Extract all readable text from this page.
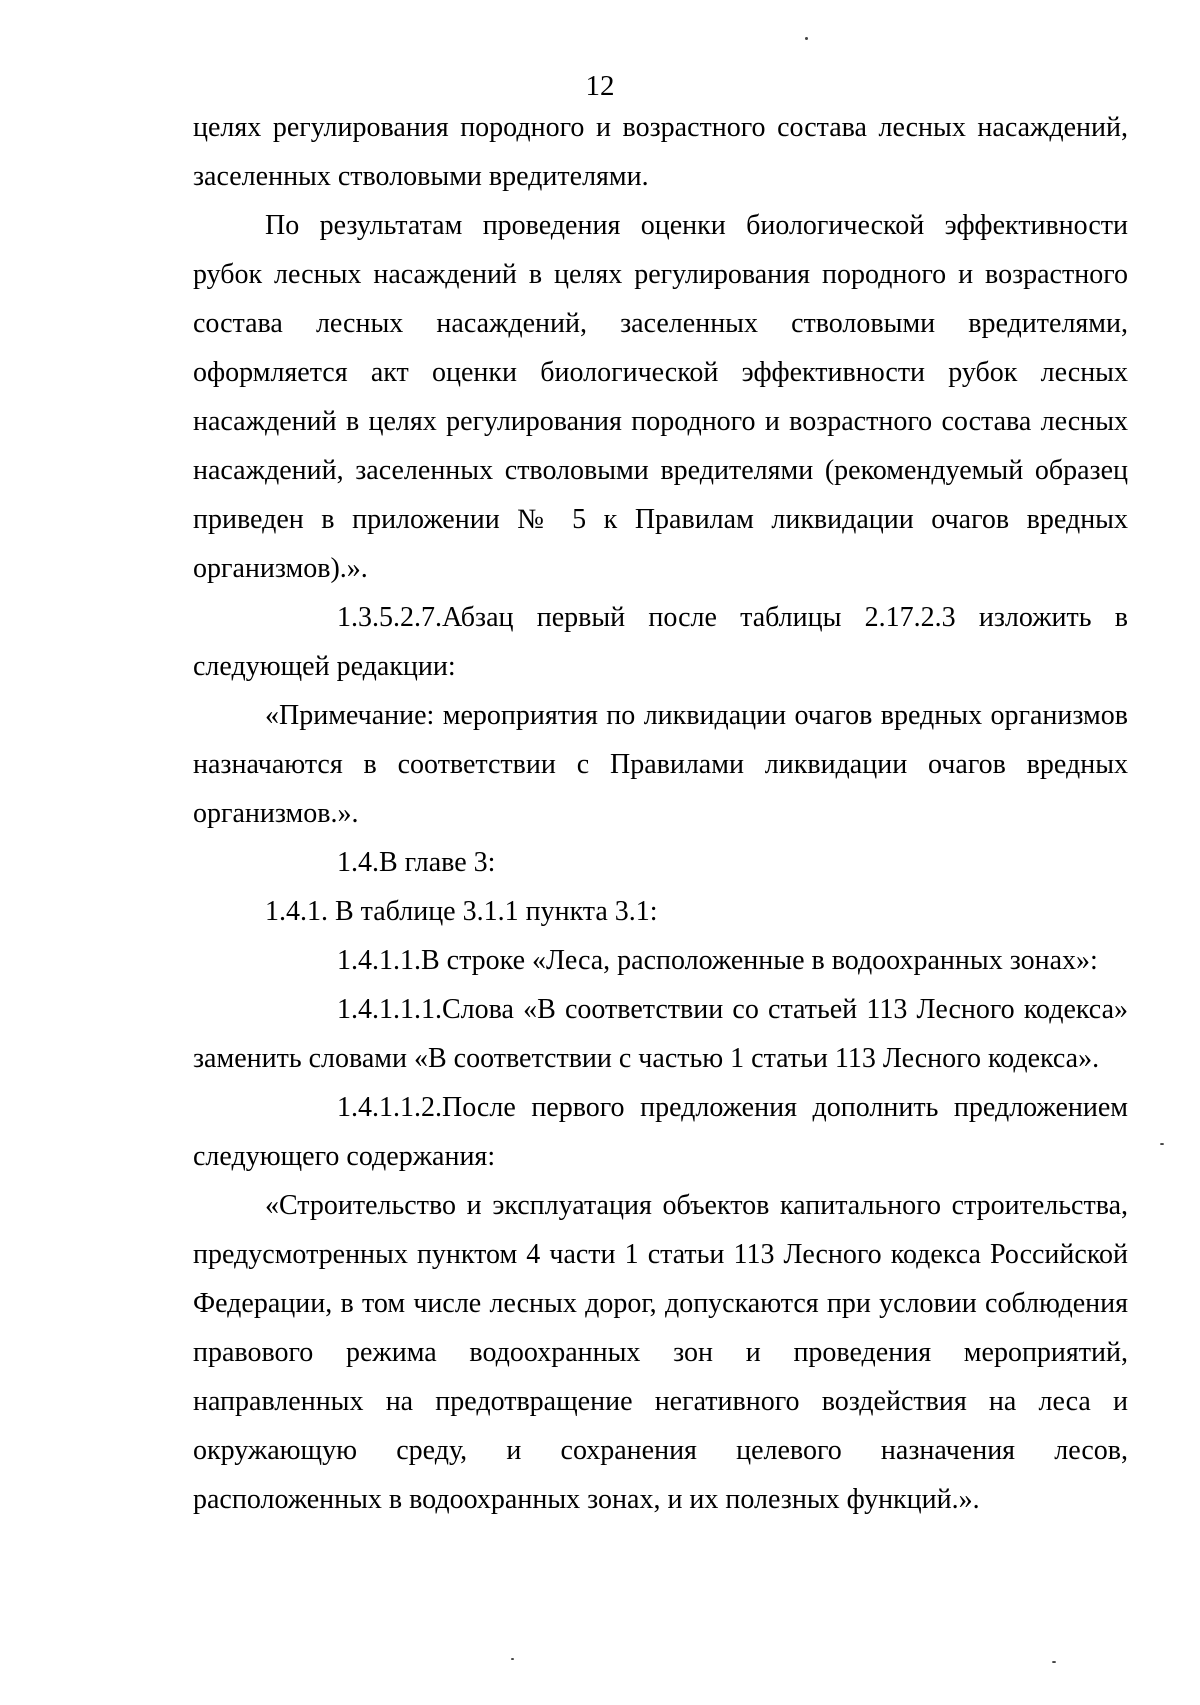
12

целях регулирования породного и возрастного состава лесных насаждений, заселенных стволовыми вредителями.

По результатам проведения оценки биологической эффективности рубок лесных насаждений в целях регулирования породного и возрастного состава лесных насаждений, заселенных стволовыми вредителями, оформляется акт оценки биологической эффективности рубок лесных насаждений в целях регулирования породного и возрастного состава лесных насаждений, заселенных стволовыми вредителями (рекомендуемый образец приведен в приложении № 5 к Правилам ликвидации очагов вредных организмов).».

1.3.5.2.7.Абзац первый после таблицы 2.17.2.3 изложить в следующей редакции:

«Примечание: мероприятия по ликвидации очагов вредных организмов назначаются в соответствии с Правилами ликвидации очагов вредных организмов.».

1.4.В главе 3:

1.4.1. В таблице 3.1.1 пункта 3.1:

1.4.1.1.В строке «Леса, расположенные в водоохранных зонах»:

1.4.1.1.1.Слова «В соответствии со статьей 113 Лесного кодекса» заменить словами «В соответствии с частью 1 статьи 113 Лесного кодекса».

1.4.1.1.2.После первого предложения дополнить предложением следующего содержания:

«Строительство и эксплуатация объектов капитального строительства, предусмотренных пунктом 4 части 1 статьи 113 Лесного кодекса Российской Федерации, в том числе лесных дорог, допускаются при условии соблюдения правового режима водоохранных зон и проведения мероприятий, направленных на предотвращение негативного воздействия на леса и окружающую среду, и сохранения целевого назначения лесов, расположенных в водоохранных зонах, и их полезных функций.».
